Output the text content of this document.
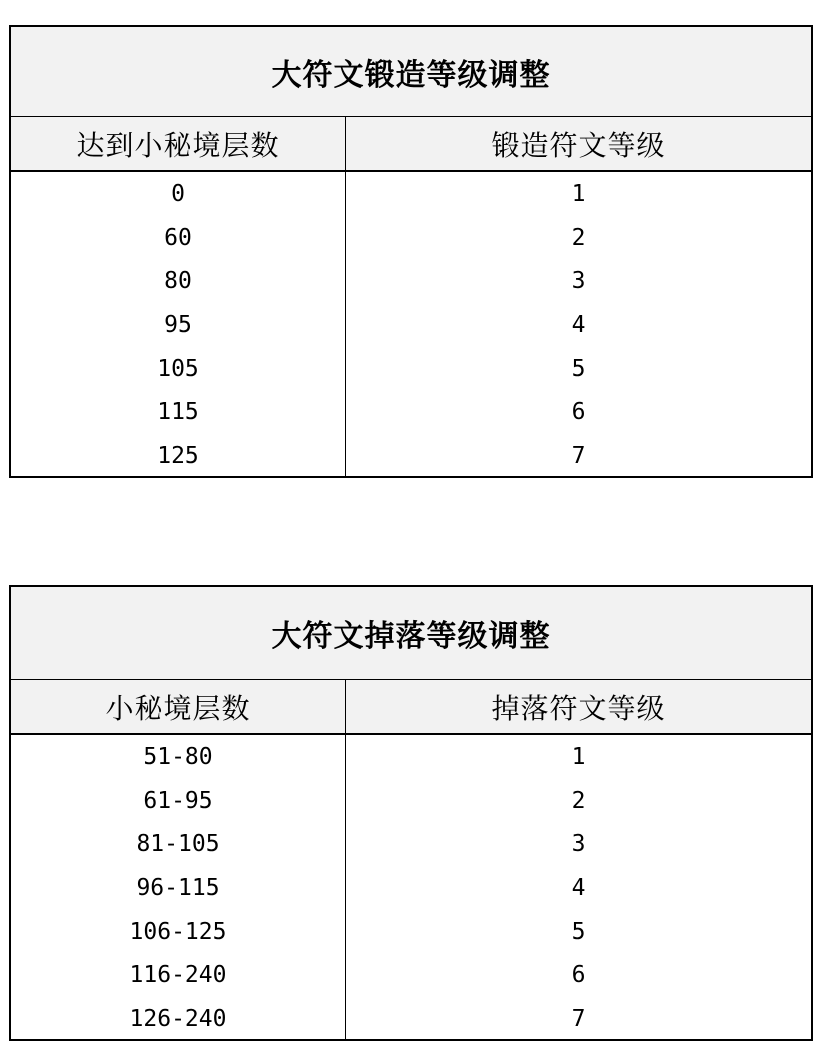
大符文锻造等级调整
达到小秘境层数	锻造符文等级
0
60
80
95
105
115
125
1
2
3
4
5
6
7
大符文掉落等级调整
小秘境层数	掉落符文等级
51-80
61-95
81-105
96-115
106-125
116-240
126-240
1
2
3
4
5
6
7
